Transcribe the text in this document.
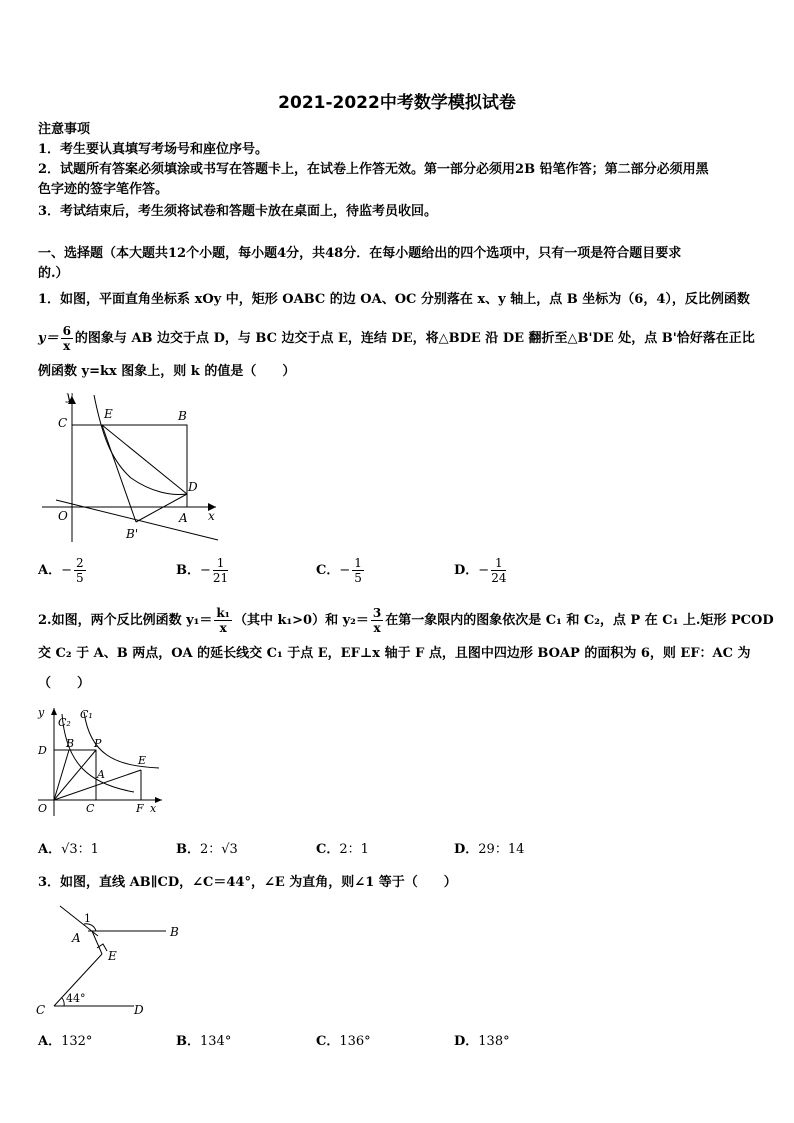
2021-2022中考数学模拟试卷
注意事项
1．考生要认真填写考场号和座位序号。
2．试题所有答案必须填涂或书写在答题卡上，在试卷上作答无效。第一部分必须用2B 铅笔作答；第二部分必须用黑
色字迹的签字笔作答。
3．考试结束后，考生须将试卷和答题卡放在桌面上，待监考员收回。
一、选择题（本大题共12个小题，每小题4分，共48分．在每小题给出的四个选项中，只有一项是符合题目要求
的.）
1．如图，平面直角坐标系 xOy 中，矩形 OABC 的边 OA、OC 分别落在 x、y 轴上，点 B 坐标为（6，4），反比例函数
$y= \frac{6}{x}$ 的图象与 AB 边交于点 D，与 BC 边交于点 E，连结 DE，将△BDE 沿 DE 翻折至△B'DE 处，点 B'恰好落在正比
例函数 y=kx 图象上，则 k 的值是（　　）
y
E	B
C
D
O	A x
B'
A．− $\frac{2}{5}$	B．− $\frac{1}{21}$	C．− $\frac{1}{5}$	D．− $\frac{1}{24}$
2.如图，两个反比例函数 $y_1= \frac{\text{k₁}}{x}$ （其中 k₁>0）和 $y_2= \frac{3}{x}$ 在第一象限内的图象依次是 C₁ 和 C₂，点 P 在 C₁ 上.矩形 PCOD
交 C₂ 于 A、B 两点，OA 的延长线交 C₁ 于点 E，EF⊥x 轴于 F 点，且图中四边形 BOAP 的面积为 6，则 EF：AC 为
（　　）
y
C₂
C₁
D
B P
E
A
O	C	F x
A．√3：1	B．2：√3	C．2：1	D．29：14
3．如图，直线 AB∥CD，∠C＝44°，∠E 为直角，则∠1 等于（　　）
1
A	B
E
C
44°
D
A．132°	B．134°	C．136°	D．138°
